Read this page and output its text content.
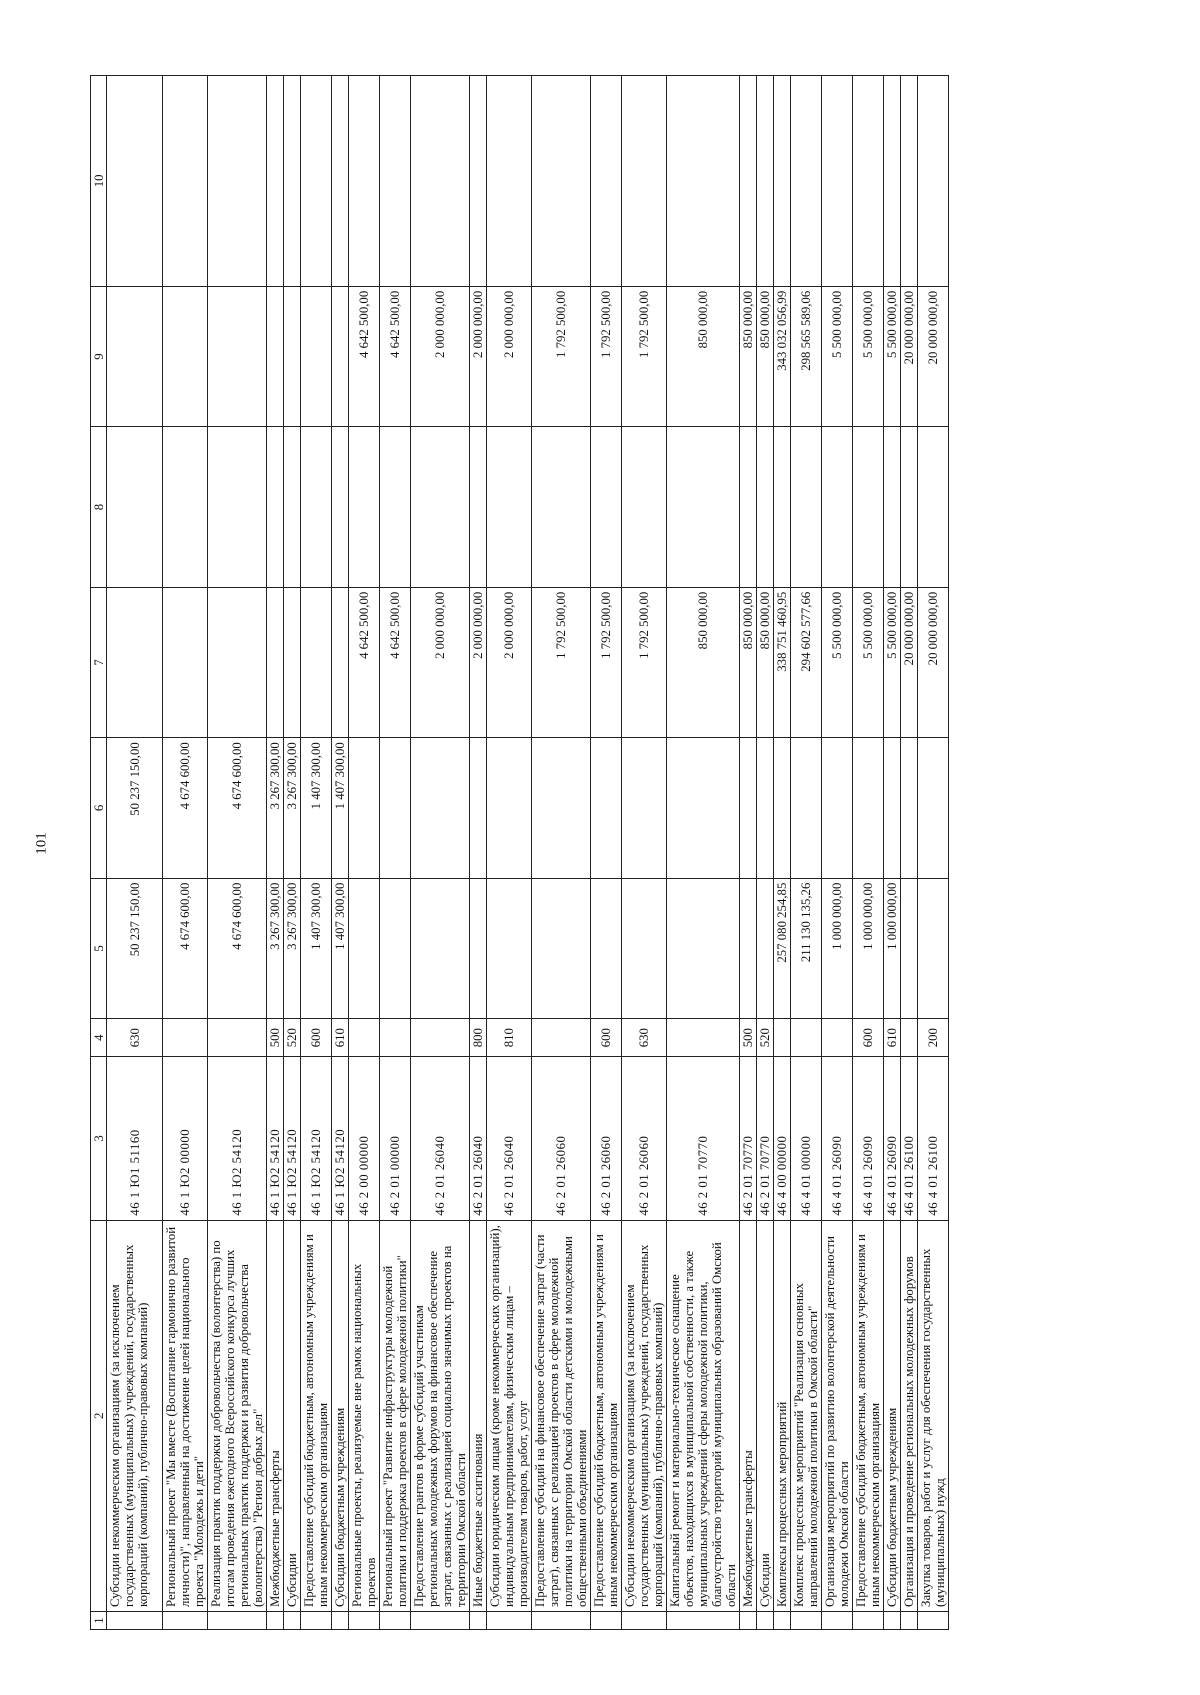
101
1	2	3	4	5	6	7	8	9	10
	Субсидии некоммерческим организациям (за исключением государственных (муниципальных) учреждений, государственных корпораций (компаний), публично-правовых компаний)	46 1 Ю1 51160	630	50 237 150,00	50 237 150,00				
	Региональный проект "Мы вместе (Воспитание гармонично развитой личности)", направленный на достижение целей национального проекта "Молодежь и дети"	46 1 Ю2 00000		4 674 600,00	4 674 600,00				
	Реализация практик поддержки добровольчества (волонтерства) по итогам проведения ежегодного Всероссийского конкурса лучших региональных практик поддержки и развития добровольчества (волонтерства) "Регион добрых дел"	46 1 Ю2 54120		4 674 600,00	4 674 600,00				
	Межбюджетные трансферты	46 1 Ю2 54120	500	3 267 300,00	3 267 300,00				
	Субсидии	46 1 Ю2 54120	520	3 267 300,00	3 267 300,00				
	Предоставление субсидий бюджетным, автономным учреждениям и иным некоммерческим организациям	46 1 Ю2 54120	600	1 407 300,00	1 407 300,00				
	Субсидии бюджетным учреждениям	46 1 Ю2 54120	610	1 407 300,00	1 407 300,00				
	Региональные проекты, реализуемые вне рамок национальных проектов	46 2 00 00000				4 642 500,00		4 642 500,00	
	Региональный проект "Развитие инфраструктуры молодежной политики и поддержка проектов в сфере молодежной политики"	46 2 01 00000				4 642 500,00		4 642 500,00	
	Предоставление грантов в форме субсидий участникам региональных молодежных форумов на финансовое обеспечение затрат, связанных с реализацией социально значимых проектов на территории Омской области	46 2 01 26040				2 000 000,00		2 000 000,00	
	Иные бюджетные ассигнования	46 2 01 26040	800			2 000 000,00		2 000 000,00	
	Субсидии юридическим лицам (кроме некоммерческих организаций), индивидуальным предпринимателям, физическим лицам – производителям товаров, работ, услуг	46 2 01 26040	810			2 000 000,00		2 000 000,00	
	Предоставление субсидий на финансовое обеспечение затрат (части затрат), связанных с реализацией проектов в сфере молодежной политики на территории Омской области детскими и молодежными общественными объединениями	46 2 01 26060				1 792 500,00		1 792 500,00	
	Предоставление субсидий бюджетным, автономным учреждениям и иным некоммерческим организациям	46 2 01 26060	600			1 792 500,00		1 792 500,00	
	Субсидии некоммерческим организациям (за исключением государственных (муниципальных) учреждений, государственных корпораций (компаний), публично-правовых компаний)	46 2 01 26060	630			1 792 500,00		1 792 500,00	
	Капитальный ремонт и материально-техническое оснащение объектов, находящихся в муниципальной собственности, а также муниципальных учреждений сферы молодежной политики, благоустройство территорий муниципальных образований Омской области	46 2 01 70770				850 000,00		850 000,00	
	Межбюджетные трансферты	46 2 01 70770	500			850 000,00		850 000,00	
	Субсидии	46 2 01 70770	520			850 000,00		850 000,00	
	Комплексы процессных мероприятий	46 4 00 00000		257 080 254,85		338 751 460,95		343 032 056,99	
	Комплекс процессных мероприятий "Реализация основных направлений молодежной политики в Омской области"	46 4 01 00000		211 130 135,26		294 602 577,66		298 565 589,06	
	Организация мероприятий по развитию волонтерской деятельности молодежи Омской области	46 4 01 26090		1 000 000,00		5 500 000,00		5 500 000,00	
	Предоставление субсидий бюджетным, автономным учреждениям и иным некоммерческим организациям	46 4 01 26090	600	1 000 000,00		5 500 000,00		5 500 000,00	
	Субсидии бюджетным учреждениям	46 4 01 26090	610	1 000 000,00		5 500 000,00		5 500 000,00	
	Организация и проведение региональных молодежных форумов	46 4 01 26100				20 000 000,00		20 000 000,00	
	Закупка товаров, работ и услуг для обеспечения государственных (муниципальных) нужд	46 4 01 26100	200			20 000 000,00		20 000 000,00	
